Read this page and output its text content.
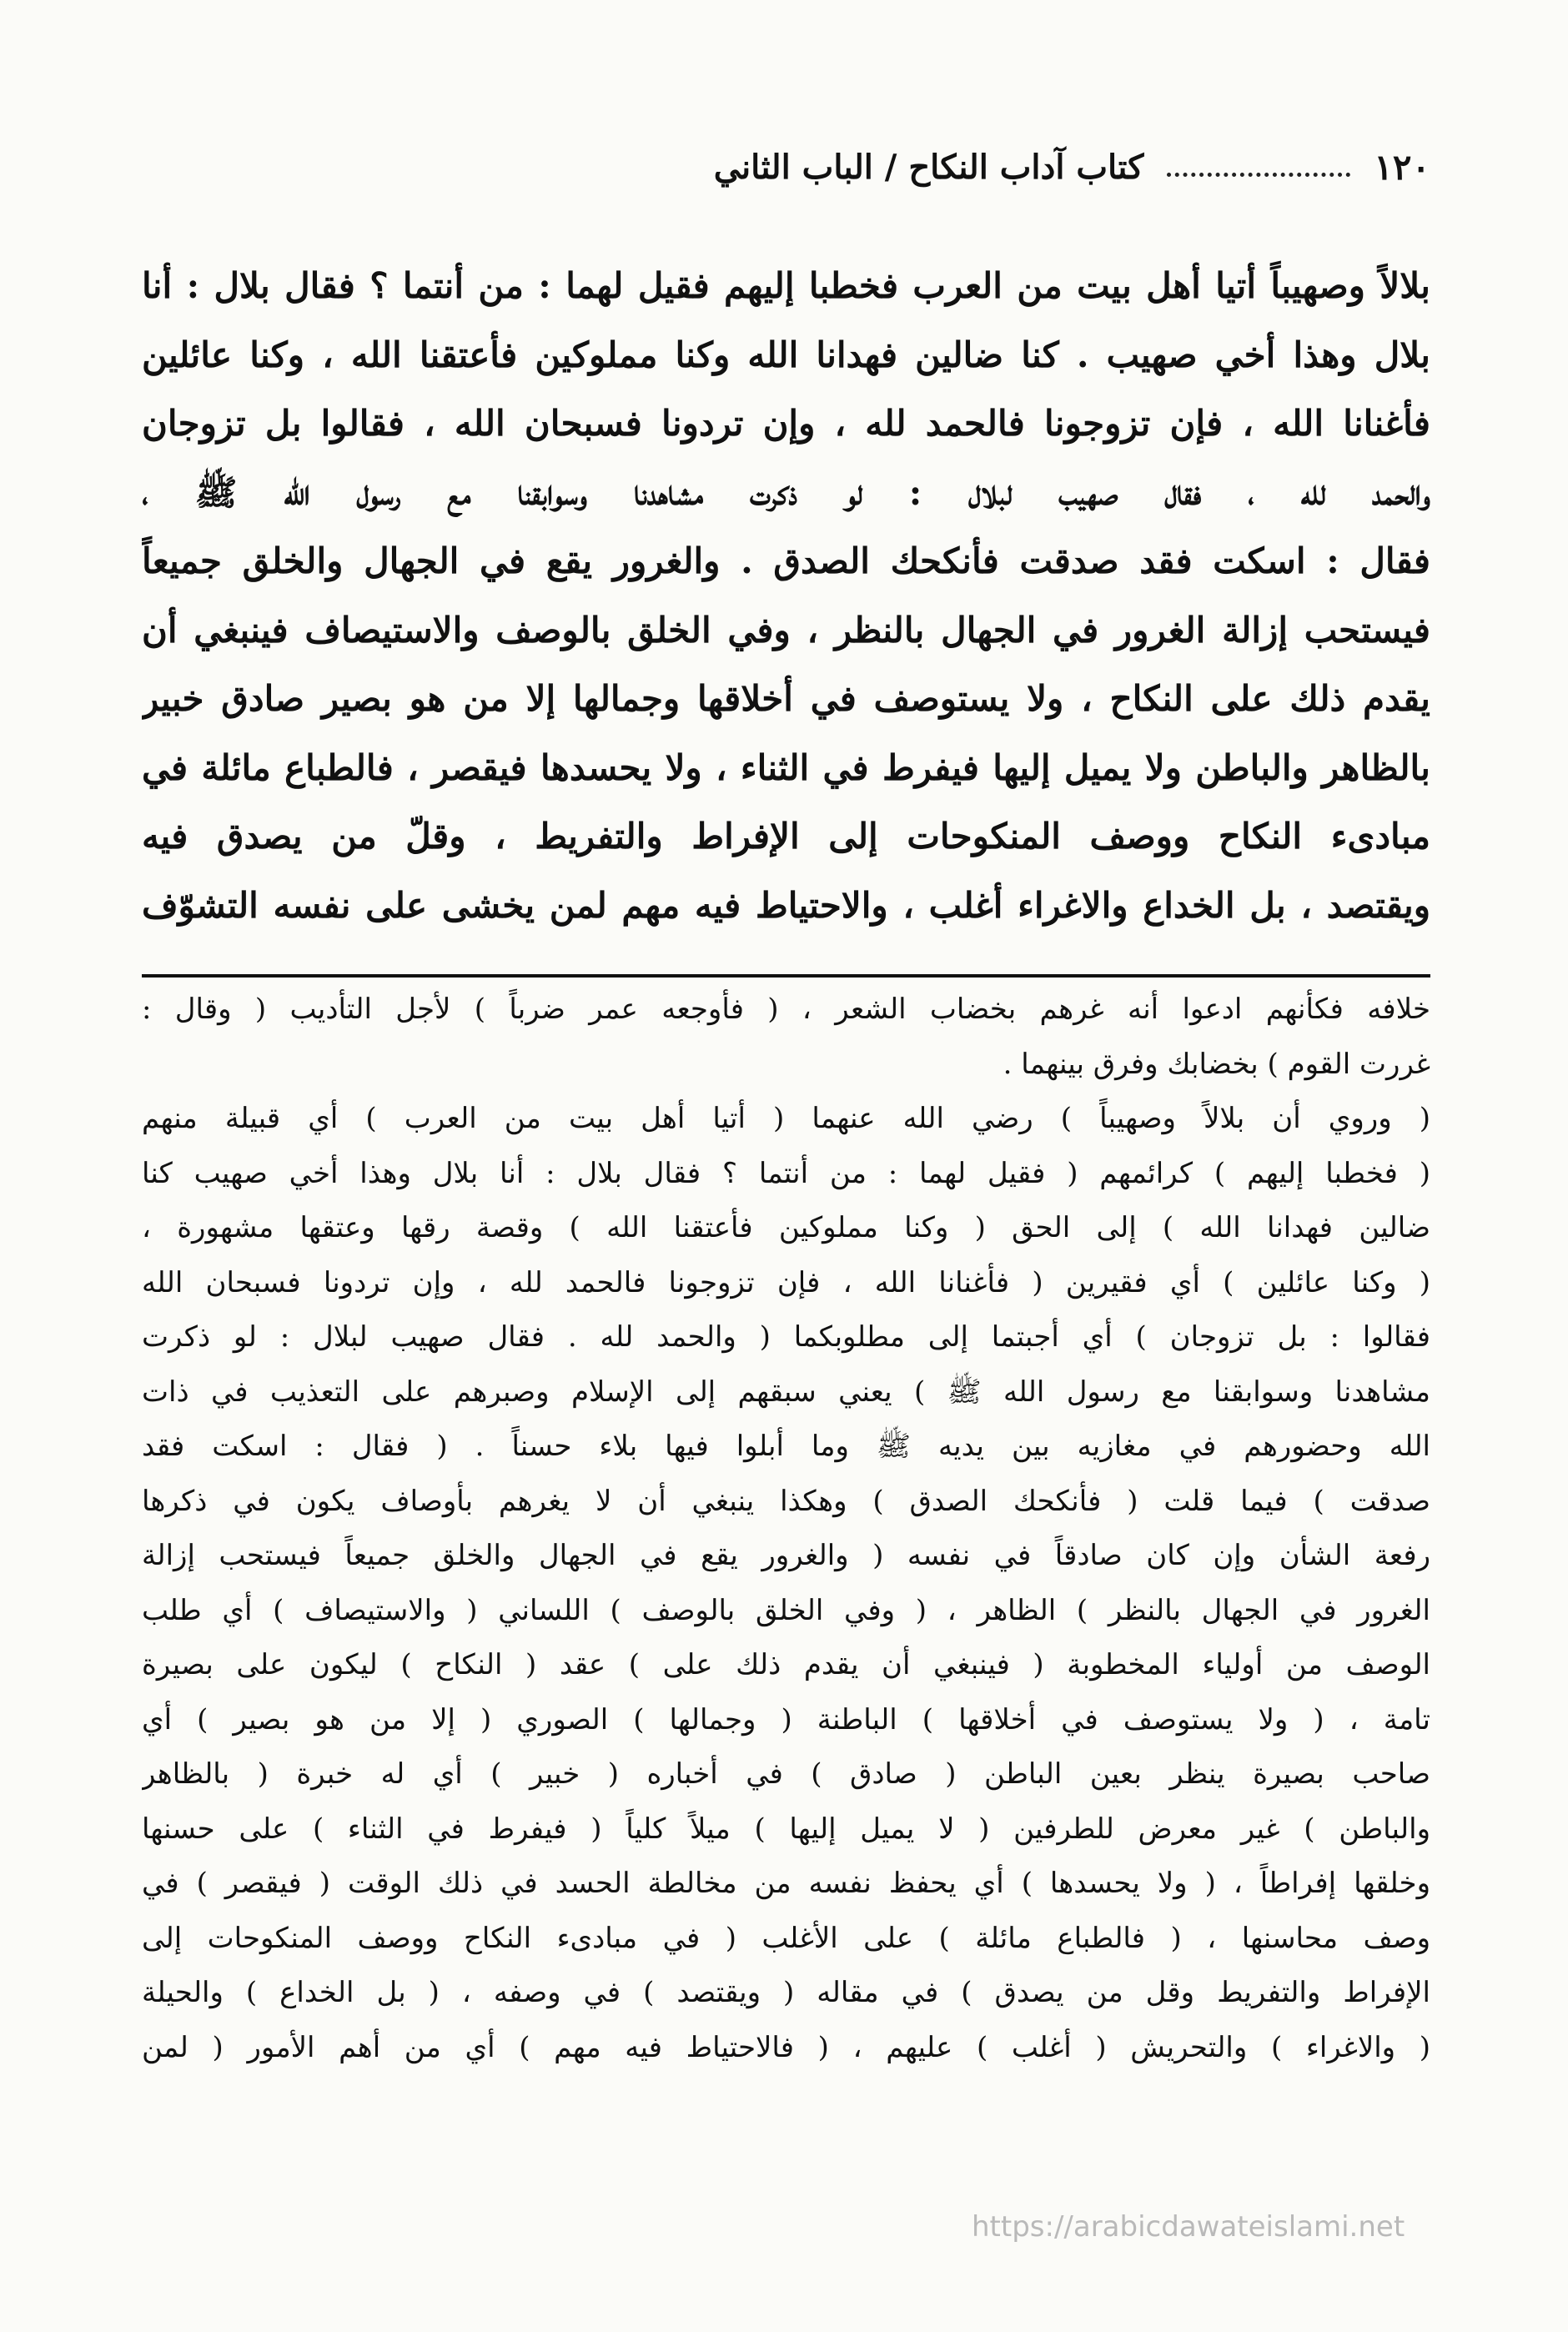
١٢٠
كتاب آداب النكاح / الباب الثاني
بلالاً وصهيباً أتيا أهل بيت من العرب فخطبا إليهم فقيل لهما : من أنتما ؟ فقال بلال : أنا
بلال وهذا أخي صهيب . كنا ضالين فهدانا الله وكنا مملوكين فأعتقنا الله ، وكنا عائلين
فأغنانا الله ، فإن تزوجونا فالحمد لله ، وإن تردونا فسبحان الله ، فقالوا بل تزوجان
والحمد لله ، فقال صهيب لبلال : لو ذكرت مشاهدنا وسوابقنا مع رسول الله ﷺ ،
فقال : اسكت فقد صدقت فأنكحك الصدق . والغرور يقع في الجهال والخلق جميعاً
فيستحب إزالة الغرور في الجهال بالنظر ، وفي الخلق بالوصف والاستيصاف فينبغي أن
يقدم ذلك على النكاح ، ولا يستوصف في أخلاقها وجمالها إلا من هو بصير صادق خبير
بالظاهر والباطن ولا يميل إليها فيفرط في الثناء ، ولا يحسدها فيقصر ، فالطباع مائلة في
مبادىء النكاح ووصف المنكوحات إلى الإفراط والتفريط ، وقلّ من يصدق فيه
ويقتصد ، بل الخداع والاغراء أغلب ، والاحتياط فيه مهم لمن يخشى على نفسه التشوّف
خلافه فكأنهم ادعوا أنه غرهم بخضاب الشعر ، ( فأوجعه عمر ضرباً ) لأجل التأديب ( وقال :
غررت القوم ) بخضابك وفرق بينهما .
( وروي أن بلالاً وصهيباً ) رضي الله عنهما ( أتيا أهل بيت من العرب ) أي قبيلة منهم
( فخطبا إليهم ) كرائمهم ( فقيل لهما : من أنتما ؟ فقال بلال : أنا بلال وهذا أخي صهيب كنا
ضالين فهدانا الله ) إلى الحق ( وكنا مملوكين فأعتقنا الله ) وقصة رقها وعتقها مشهورة ،
( وكنا عائلين ) أي فقيرين ( فأغنانا الله ، فإن تزوجونا فالحمد لله ، وإن تردونا فسبحان الله
فقالوا : بل تزوجان ) أي أجبتما إلى مطلوبكما ( والحمد لله . فقال صهيب لبلال : لو ذكرت
مشاهدنا وسوابقنا مع رسول الله ﷺ ) يعني سبقهم إلى الإسلام وصبرهم على التعذيب في ذات
الله وحضورهم في مغازيه بين يديه ﷺ وما أبلوا فيها بلاء حسناً . ( فقال : اسكت فقد
صدقت ) فيما قلت ( فأنكحك الصدق ) وهكذا ينبغي أن لا يغرهم بأوصاف يكون في ذكرها
رفعة الشأن وإن كان صادقاً في نفسه ( والغرور يقع في الجهال والخلق جميعاً فيستحب إزالة
الغرور في الجهال بالنظر ) الظاهر ، ( وفي الخلق بالوصف ) اللساني ( والاستيصاف ) أي طلب
الوصف من أولياء المخطوبة ( فينبغي أن يقدم ذلك على ) عقد ( النكاح ) ليكون على بصيرة
تامة ، ( ولا يستوصف في أخلاقها ) الباطنة ( وجمالها ) الصوري ( إلا من هو بصير ) أي
صاحب بصيرة ينظر بعين الباطن ( صادق ) في أخباره ( خبير ) أي له خبرة ( بالظاهر
والباطن ) غير معرض للطرفين ( لا يميل إليها ) ميلاً كلياً ( فيفرط في الثناء ) على حسنها
وخلقها إفراطاً ، ( ولا يحسدها ) أي يحفظ نفسه من مخالطة الحسد في ذلك الوقت ( فيقصر ) في
وصف محاسنها ، ( فالطباع مائلة ) على الأغلب ( في مبادىء النكاح ووصف المنكوحات إلى
الإفراط والتفريط وقل من يصدق ) في مقاله ( ويقتصد ) في وصفه ، ( بل الخداع ) والحيلة
( والاغراء ) والتحريش ( أغلب ) عليهم ، ( فالاحتياط فيه مهم ) أي من أهم الأمور ( لمن
https://arabicdawateislami.net
